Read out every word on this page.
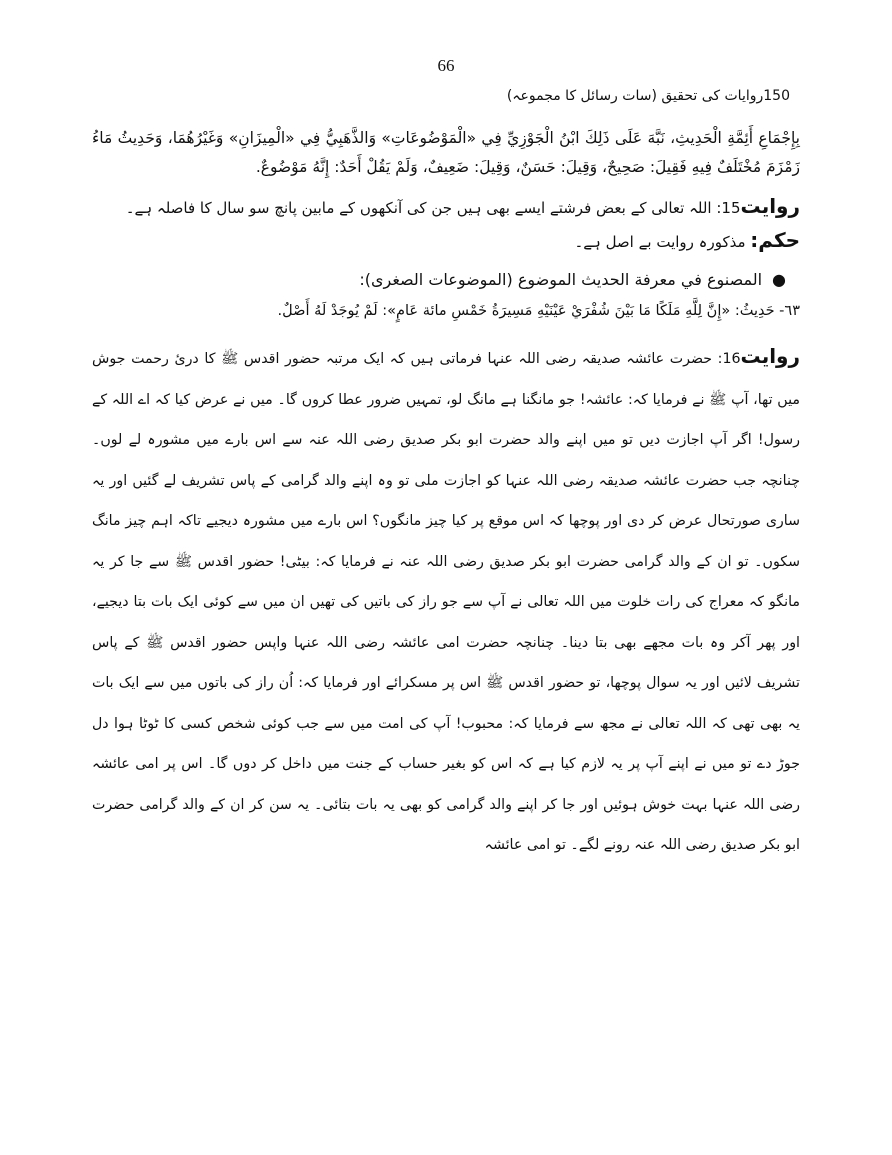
66
150روایات کی تحقیق (سات رسائل کا مجموعہ)

بِإِجْمَاعِ أَئِمَّةِ الْحَدِيثِ، نَبَّهَ عَلَى ذَلِكَ ابْنُ الْجَوْزِيِّ فِي «الْمَوْضُوعَاتِ» وَالذَّهَبِيُّ فِي «الْمِيزَانِ» وَغَيْرُهُمَا، وَحَدِيثُ مَاءُ زَمْزَمَ مُخْتَلَفٌ فِيهِ فَقِيلَ: صَحِيحٌ، وَقِيلَ: حَسَنٌ، وَقِيلَ: ضَعِيفٌ، وَلَمْ يَقُلْ أَحَدٌ: إِنَّهُ مَوْضُوعٌ.

روایت15: اللہ تعالی کے بعض فرشتے ایسے بھی ہیں جن کی آنکھوں کے مابین پانچ سو سال کا فاصلہ ہے۔

حکم: مذکورہ روایت بے اصل ہے۔

●المصنوع في معرفة الحديث الموضوع (الموضوعات الصغرى):

٦٣- حَدِيثُ: «إِنَّ لِلَّهِ مَلَكًا مَا بَيْنَ شُفْرَيْ عَيْنَيْهِ مَسِيرَةُ خَمْسِ مائة عَامٍ»: لَمْ يُوجَدْ لَهُ أَصْلٌ.

روایت16: حضرت عائشہ صدیقہ رضی اللہ عنہا فرماتی ہیں کہ ایک مرتبہ حضور اقدس ﷺ کا دریٔ رحمت جوش میں تھا، آپ ﷺ نے فرمایا کہ: عائشہ! جو مانگنا ہے مانگ لو، تمہیں ضرور عطا کروں گا۔ میں نے عرض کیا کہ اے اللہ کے رسول! اگر آپ اجازت دیں تو میں اپنے والد حضرت ابو بکر صدیق رضی اللہ عنہ سے اس بارے میں مشورہ لے لوں۔ چنانچہ جب حضرت عائشہ صدیقہ رضی اللہ عنہا کو اجازت ملی تو وہ اپنے والد گرامی کے پاس تشریف لے گئیں اور یہ ساری صورتحال عرض کر دی اور پوچھا کہ اس موقع پر کیا چیز مانگوں؟ اس بارے میں مشورہ دیجیے تاکہ اہم چیز مانگ سکوں۔ تو ان کے والد گرامی حضرت ابو بکر صدیق رضی اللہ عنہ نے فرمایا کہ: بیٹی! حضور اقدس ﷺ سے جا کر یہ مانگو کہ معراج کی رات خلوت میں اللہ تعالی نے آپ سے جو راز کی باتیں کی تھیں ان میں سے کوئی ایک بات بتا دیجیے، اور پھر آکر وہ بات مجھے بھی بتا دینا۔ چنانچہ حضرت امی عائشہ رضی اللہ عنہا واپس حضور اقدس ﷺ کے پاس تشریف لائیں اور یہ سوال پوچھا، تو حضور اقدس ﷺ اس پر مسکرائے اور فرمایا کہ: اُن راز کی باتوں میں سے ایک بات یہ بھی تھی کہ اللہ تعالی نے مجھ سے فرمایا کہ: محبوب! آپ کی امت میں سے جب کوئی شخص کسی کا ٹوٹا ہوا دل جوڑ دے تو میں نے اپنے آپ پر یہ لازم کیا ہے کہ اس کو بغیر حساب کے جنت میں داخل کر دوں گا۔ اس پر امی عائشہ رضی اللہ عنہا بہت خوش ہوئیں اور جا کر اپنے والد گرامی کو بھی یہ بات بتائی۔ یہ سن کر ان کے والد گرامی حضرت ابو بکر صدیق رضی اللہ عنہ رونے لگے۔ تو امی عائشہ
